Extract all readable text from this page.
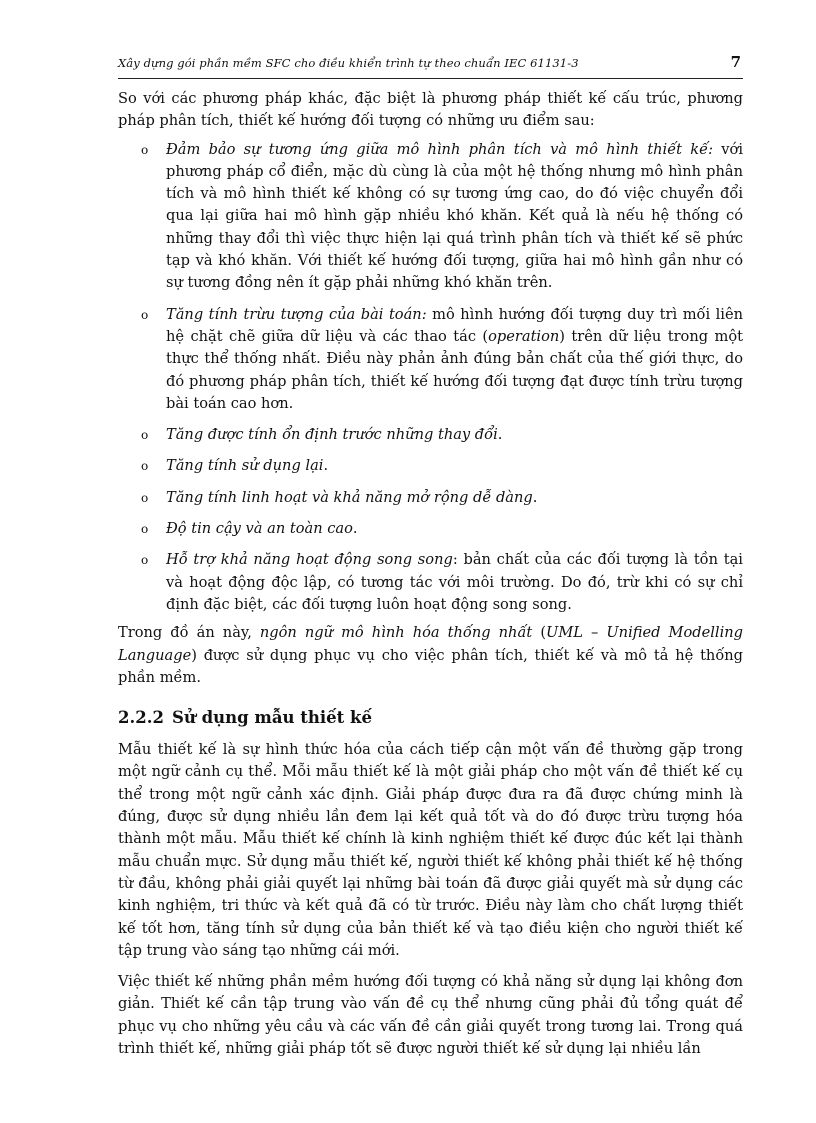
Xây dựng gói phần mềm SFC cho điều khiển trình tự theo chuẩn IEC 61131-3	7

So với các phương pháp khác, đặc biệt là phương pháp thiết kế cấu trúc, phương pháp phân tích, thiết kế hướng đối tượng có những ưu điểm sau:

o Đảm bảo sự tương ứng giữa mô hình phân tích và mô hình thiết kế: với phương pháp cổ điển, mặc dù cùng là của một hệ thống nhưng mô hình phân tích và mô hình thiết kế không có sự tương ứng cao, do đó việc chuyển đổi qua lại giữa hai mô hình gặp nhiều khó khăn. Kết quả là nếu hệ thống có những thay đổi thì việc thực hiện lại quá trình phân tích và thiết kế sẽ phức tạp và khó khăn. Với thiết kế hướng đối tượng, giữa hai mô hình gần như có sự tương đồng nên ít gặp phải những khó khăn trên.
o Tăng tính trừu tượng của bài toán: mô hình hướng đối tượng duy trì mối liên hệ chặt chẽ giữa dữ liệu và các thao tác (operation) trên dữ liệu trong một thực thể thống nhất. Điều này phản ảnh đúng bản chất của thế giới thực, do đó phương pháp phân tích, thiết kế hướng đối tượng đạt được tính trừu tượng bài toán cao hơn.
o Tăng được tính ổn định trước những thay đổi.
o Tăng tính sử dụng lại.
o Tăng tính linh hoạt và khả năng mở rộng dễ dàng.
o Độ tin cậy và an toàn cao.
o Hỗ trợ khả năng hoạt động song song: bản chất của các đối tượng là tồn tại và hoạt động độc lập, có tương tác với môi trường. Do đó, trừ khi có sự chỉ định đặc biệt, các đối tượng luôn hoạt động song song.

Trong đồ án này, ngôn ngữ mô hình hóa thống nhất (UML – Unified Modelling Language) được sử dụng phục vụ cho việc phân tích, thiết kế và mô tả hệ thống phần mềm.

2.2.2 Sử dụng mẫu thiết kế

Mẫu thiết kế là sự hình thức hóa của cách tiếp cận một vấn đề thường gặp trong một ngữ cảnh cụ thể. Mỗi mẫu thiết kế là một giải pháp cho một vấn đề thiết kế cụ thể trong một ngữ cảnh xác định. Giải pháp được đưa ra đã được chứng minh là đúng, được sử dụng nhiều lần đem lại kết quả tốt và do đó được trừu tượng hóa thành một mẫu. Mẫu thiết kế chính là kinh nghiệm thiết kế được đúc kết lại thành mẫu chuẩn mực. Sử dụng mẫu thiết kế, người thiết kế không phải thiết kế hệ thống từ đầu, không phải giải quyết lại những bài toán đã được giải quyết mà sử dụng các kinh nghiệm, tri thức và kết quả đã có từ trước. Điều này làm cho chất lượng thiết kế tốt hơn, tăng tính sử dụng của bản thiết kế và tạo điều kiện cho người thiết kế tập trung vào sáng tạo những cái mới.

Việc thiết kế những phần mềm hướng đối tượng có khả năng sử dụng lại không đơn giản. Thiết kế cần tập trung vào vấn đề cụ thể nhưng cũng phải đủ tổng quát để phục vụ cho những yêu cầu và các vấn đề cần giải quyết trong tương lai. Trong quá trình thiết kế, những giải pháp tốt sẽ được người thiết kế sử dụng lại nhiều lần
